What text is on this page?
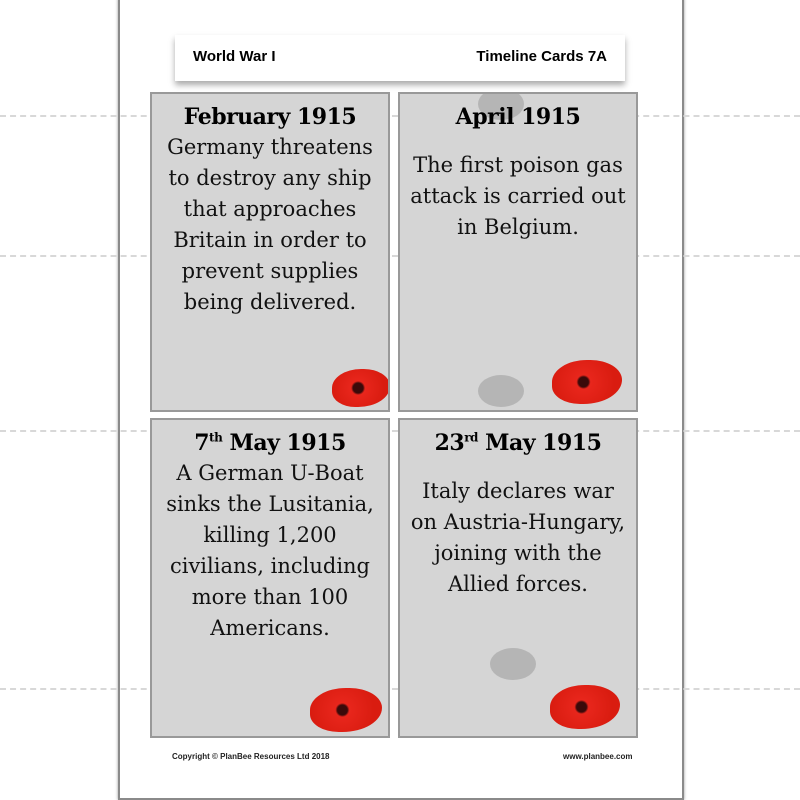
World War I	Timeline Cards 7A
February 1915

Germany threatens to destroy any ship that approaches Britain in order to prevent supplies being delivered.

April 1915

The first poison gas attack is carried out in Belgium.

7th May 1915

A German U-Boat sinks the Lusitania, killing 1,200 civilians, including more than 100 Americans.

23rd May 1915

Italy declares war on Austria-Hungary, joining with the Allied forces.

Copyright © PlanBee Resources Ltd 2018	www.planbee.com
